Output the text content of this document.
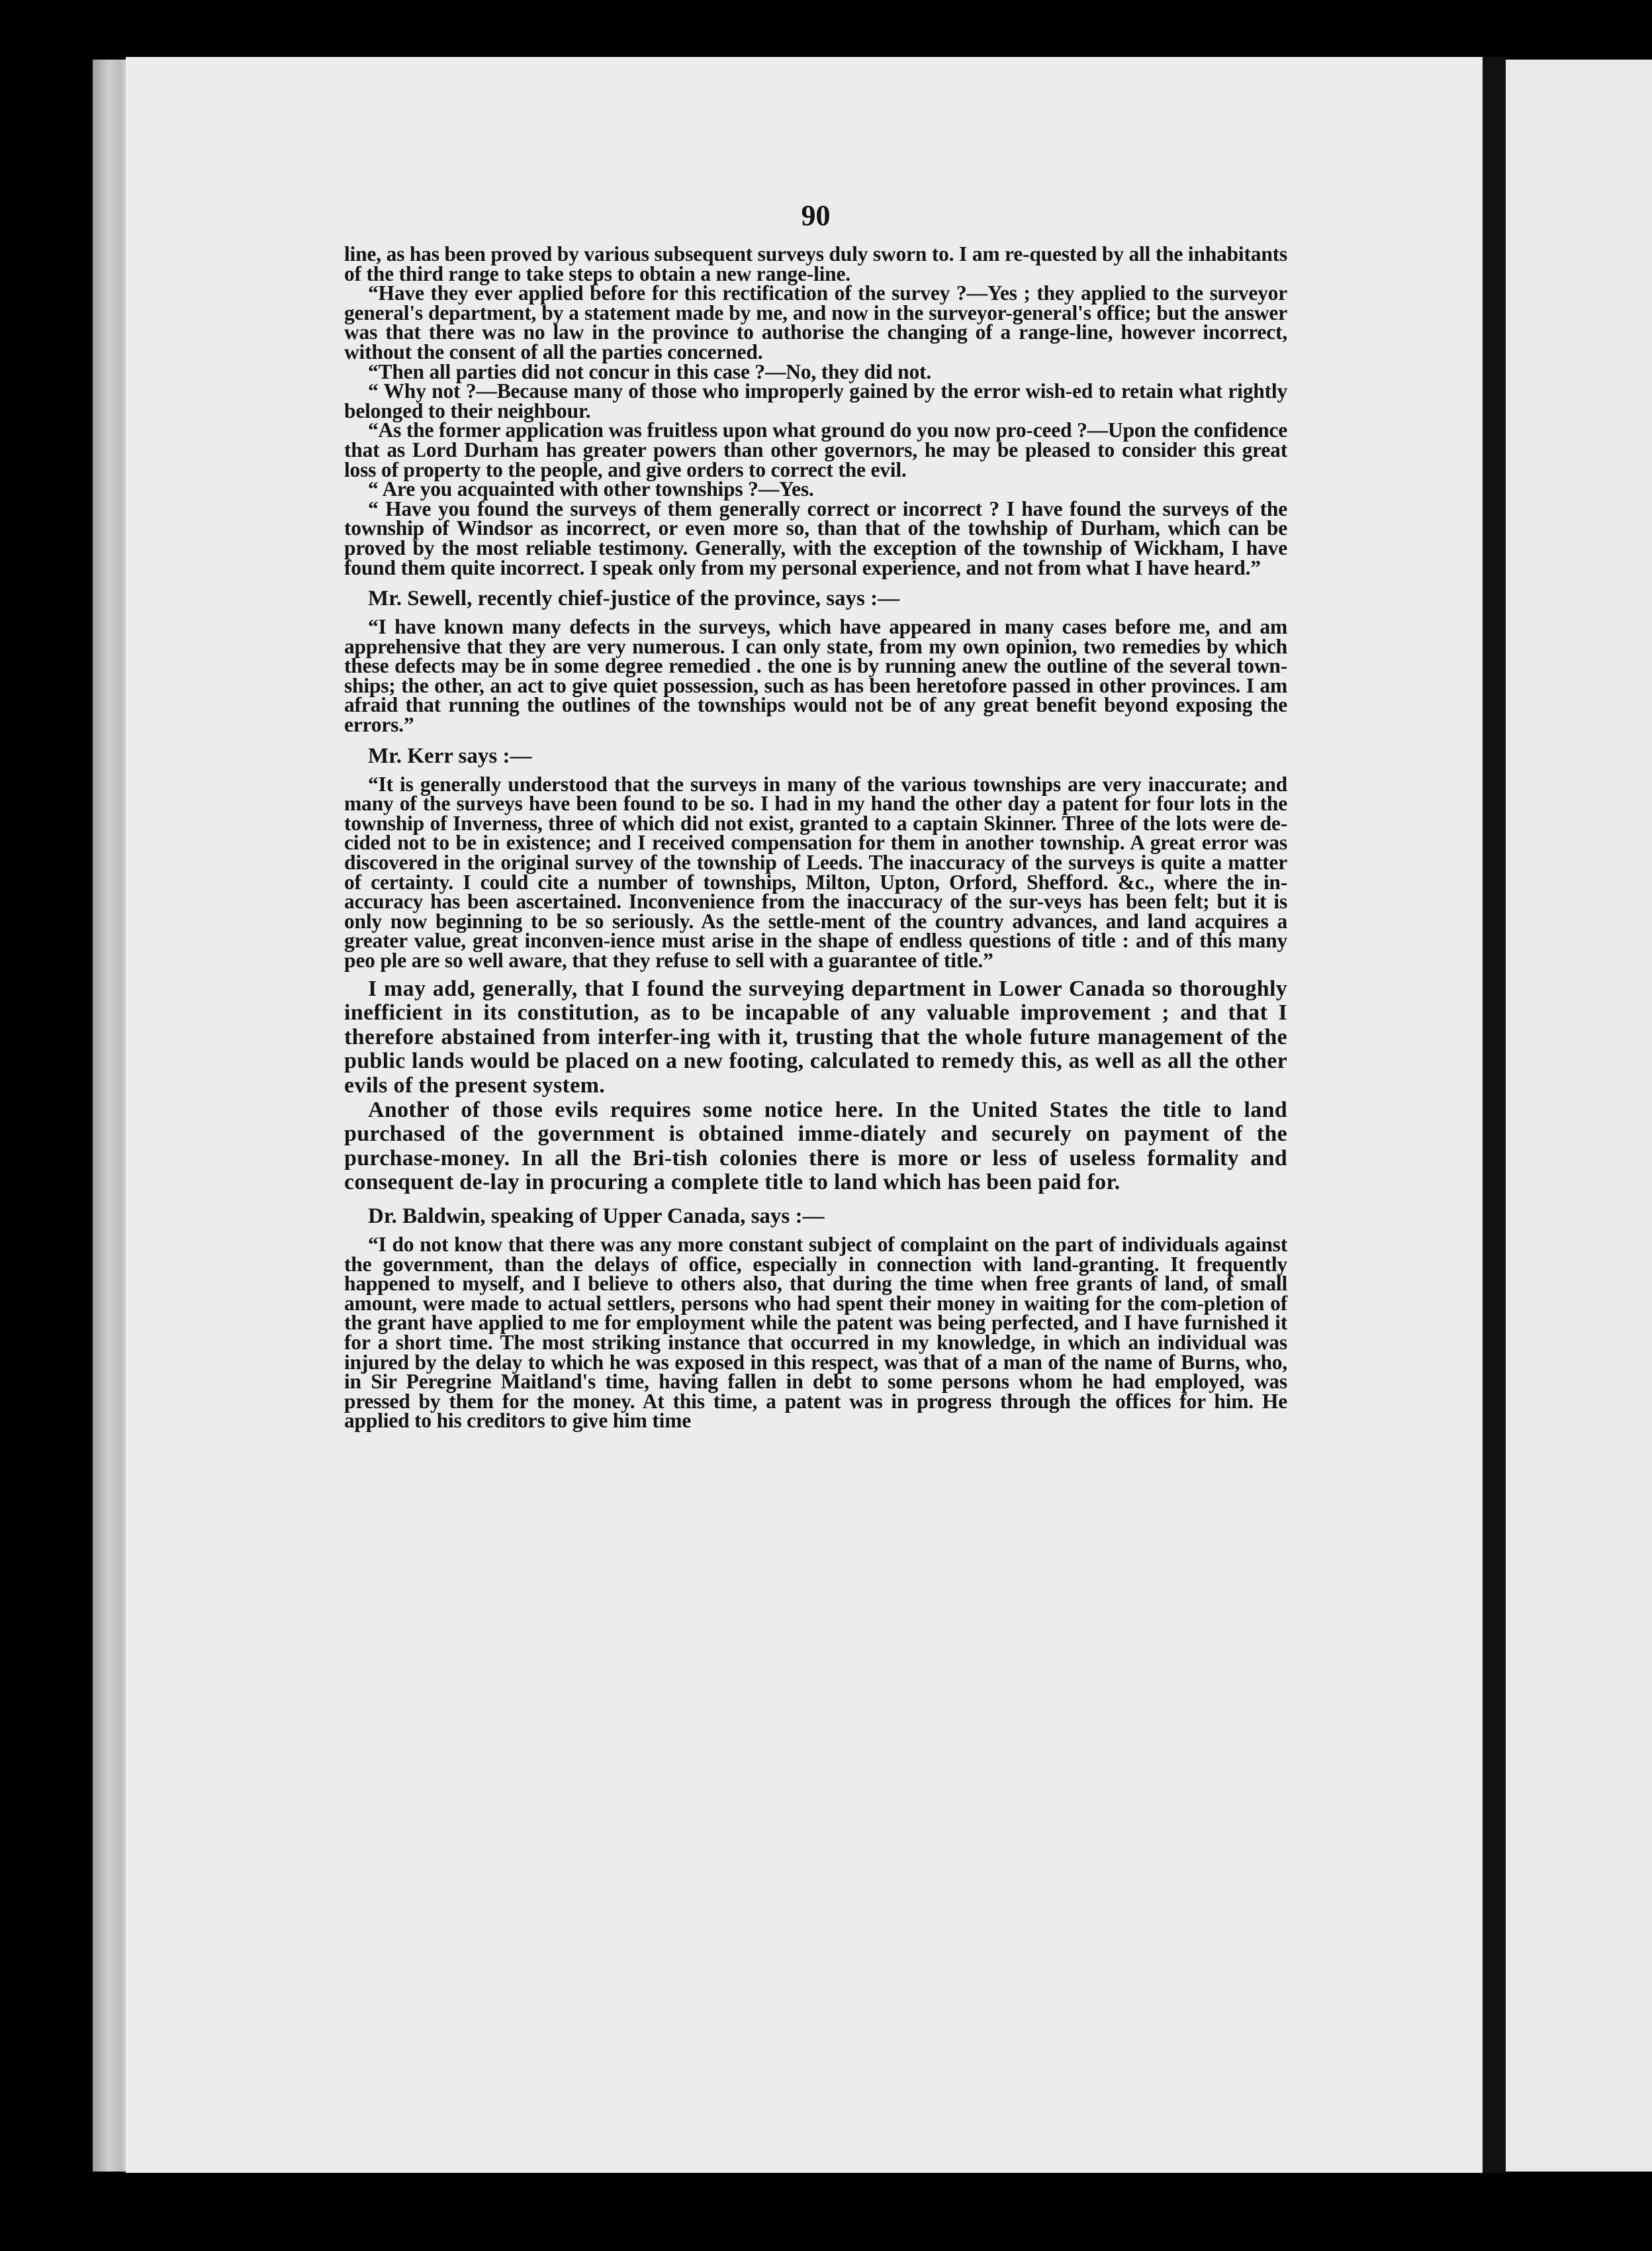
90

line, as has been proved by various subsequent surveys duly sworn to. I am re-quested by all the inhabitants of the third range to take steps to obtain a new range-line.

“Have they ever applied before for this rectification of the survey ?—Yes ; they applied to the surveyor general's department, by a statement made by me, and now in the surveyor-general's office; but the answer was that there was no law in the province to authorise the changing of a range-line, however incorrect, without the consent of all the parties concerned.

“Then all parties did not concur in this case ?—No, they did not.

“ Why not ?—Because many of those who improperly gained by the error wish-ed to retain what rightly belonged to their neighbour.

“As the former application was fruitless upon what ground do you now pro-ceed ?—Upon the confidence that as Lord Durham has greater powers than other governors, he may be pleased to consider this great loss of property to the people, and give orders to correct the evil.

“ Are you acquainted with other townships ?—Yes.

“ Have you found the surveys of them generally correct or incorrect ? I have found the surveys of the township of Windsor as incorrect, or even more so, than that of the towhship of Durham, which can be proved by the most reliable testimony. Generally, with the exception of the township of Wickham, I have found them quite incorrect. I speak only from my personal experience, and not from what I have heard.”

Mr. Sewell, recently chief-justice of the province, says :—

“I have known many defects in the surveys, which have appeared in many cases before me, and am apprehensive that they are very numerous. I can only state, from my own opinion, two remedies by which these defects may be in some degree remedied . the one is by running anew the outline of the several town-ships; the other, an act to give quiet possession, such as has been heretofore passed in other provinces. I am afraid that running the outlines of the townships would not be of any great benefit beyond exposing the errors.”

Mr. Kerr says :—

“It is generally understood that the surveys in many of the various townships are very inaccurate; and many of the surveys have been found to be so. I had in my hand the other day a patent for four lots in the township of Inverness, three of which did not exist, granted to a captain Skinner. Three of the lots were de-cided not to be in existence; and I received compensation for them in another township. A great error was discovered in the original survey of the township of Leeds. The inaccuracy of the surveys is quite a matter of certainty. I could cite a number of townships, Milton, Upton, Orford, Shefford. &c., where the in-accuracy has been ascertained. Inconvenience from the inaccuracy of the sur-veys has been felt; but it is only now beginning to be so seriously. As the settle-ment of the country advances, and land acquires a greater value, great inconven-ience must arise in the shape of endless questions of title : and of this many peo ple are so well aware, that they refuse to sell with a guarantee of title.”

I may add, generally, that I found the surveying department in Lower Canada so thoroughly inefficient in its constitution, as to be incapable of any valuable improvement ; and that I therefore abstained from interfer-ing with it, trusting that the whole future management of the public lands would be placed on a new footing, calculated to remedy this, as well as all the other evils of the present system.

Another of those evils requires some notice here. In the United States the title to land purchased of the government is obtained imme-diately and securely on payment of the purchase-money. In all the Bri-tish colonies there is more or less of useless formality and consequent de-lay in procuring a complete title to land which has been paid for.

Dr. Baldwin, speaking of Upper Canada, says :—

“I do not know that there was any more constant subject of complaint on the part of individuals against the government, than the delays of office, especially in connection with land-granting. It frequently happened to myself, and I believe to others also, that during the time when free grants of land, of small amount, were made to actual settlers, persons who had spent their money in waiting for the com-pletion of the grant have applied to me for employment while the patent was being perfected, and I have furnished it for a short time. The most striking instance that occurred in my knowledge, in which an individual was injured by the delay to which he was exposed in this respect, was that of a man of the name of Burns, who, in Sir Peregrine Maitland's time, having fallen in debt to some persons whom he had employed, was pressed by them for the money. At this time, a patent was in progress through the offices for him. He applied to his creditors to give him time
